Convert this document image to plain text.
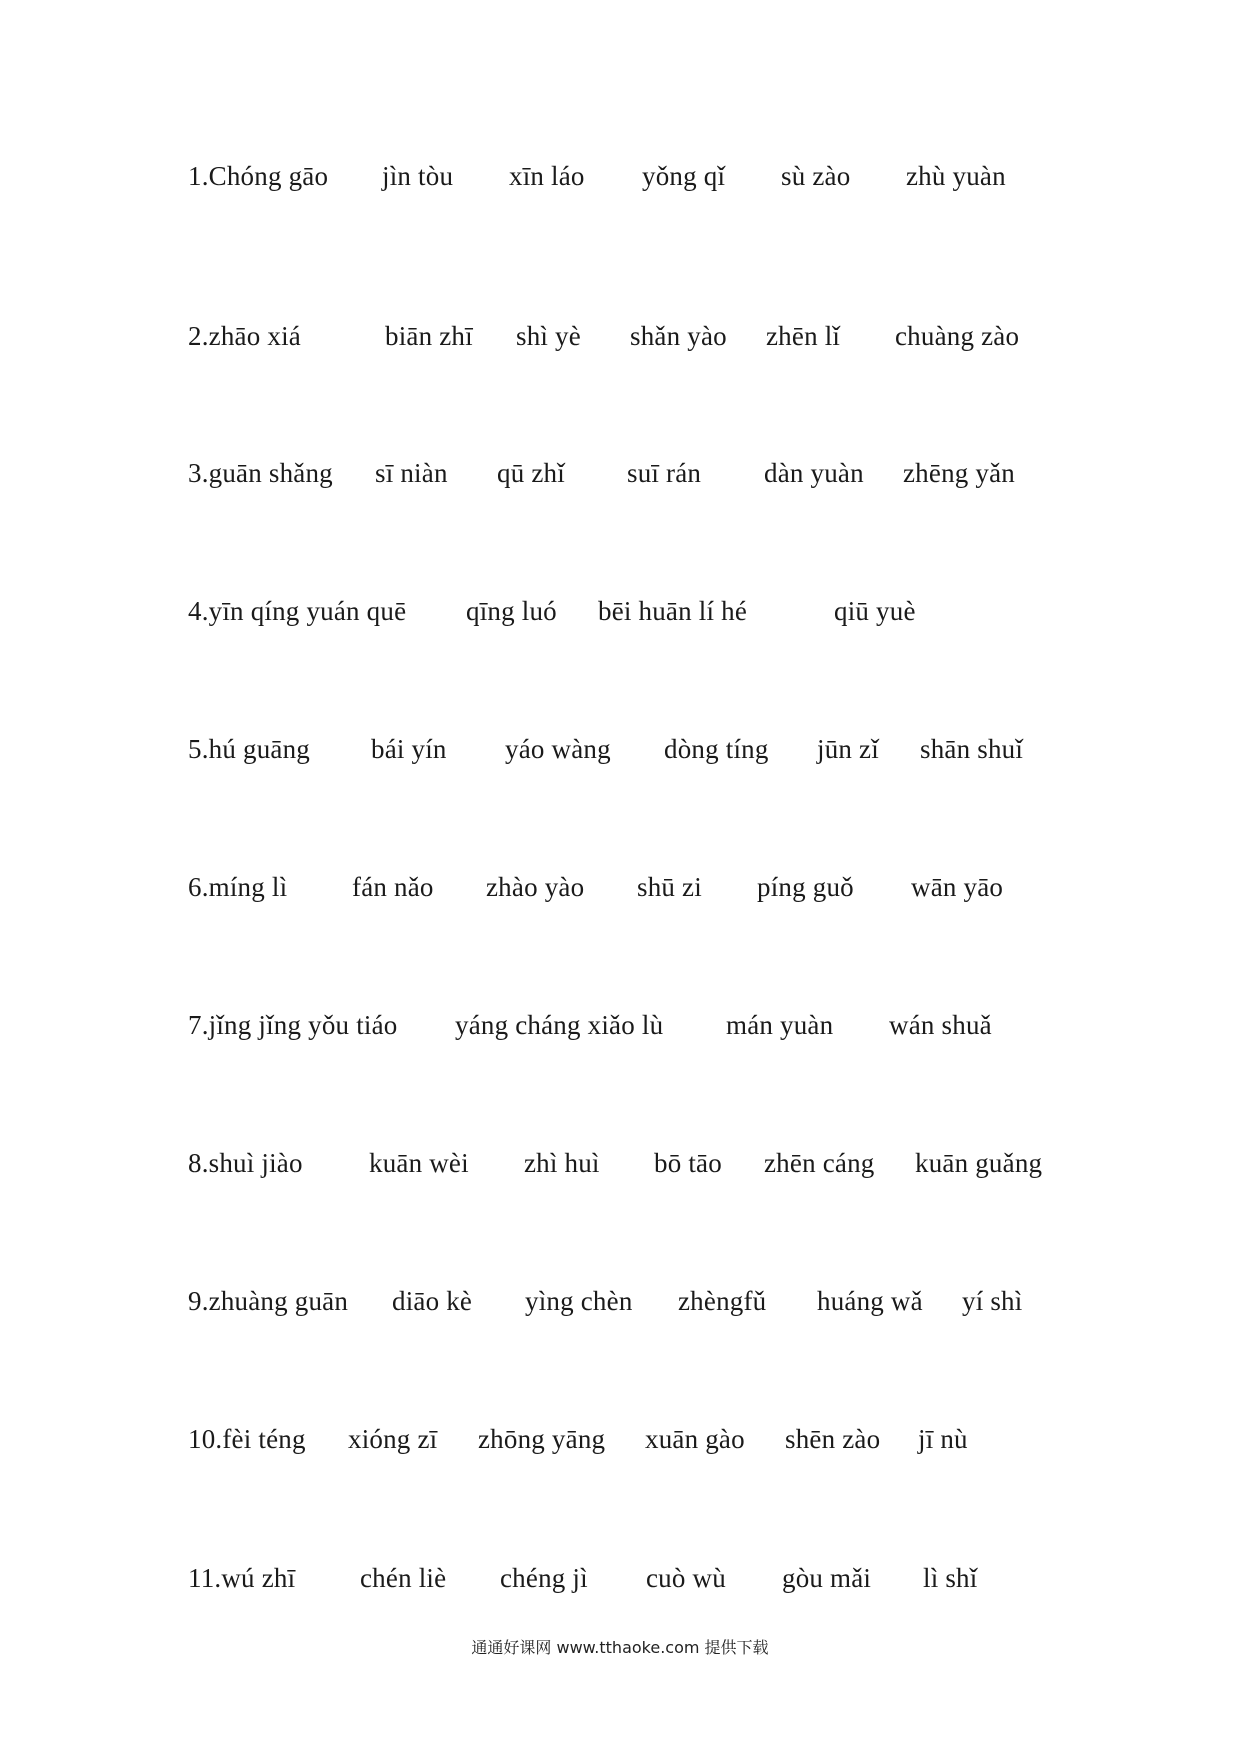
1.Chóng gāo jìn tòu xīn láo yǒng qǐ sù zào zhù yuàn
2.zhāo xiá	biān zhī shì yè shǎn yào zhēn lǐ chuàng zào
3.guān shǎng sī niàn qū zhǐ suī rán dàn yuàn zhēng yǎn
4.yīn qíng yuán quē qīng luó bēi huān lí hé	qiū yuè
5.hú guāng bái yín yáo wàng dòng tíng jūn zǐ shān shuǐ
6.míng lì fán nǎo zhào yào shū zi píng guǒ wān yāo
7.jǐng jǐng yǒu tiáo yáng cháng xiǎo lù mán yuàn wán shuǎ
8.shuì jiào kuān wèi zhì huì bō tāo zhēn cáng kuān guǎng
9.zhuàng guān diāo kè yìng chèn zhèngfǔ huáng wǎ yí shì
10.fèi téng xióng zī zhōng yāng xuān gào shēn zào jī nù
11.wú zhī chén liè chéng jì cuò wù gòu mǎi lì shǐ
通通好课网 www.tthaoke.com 提供下载
